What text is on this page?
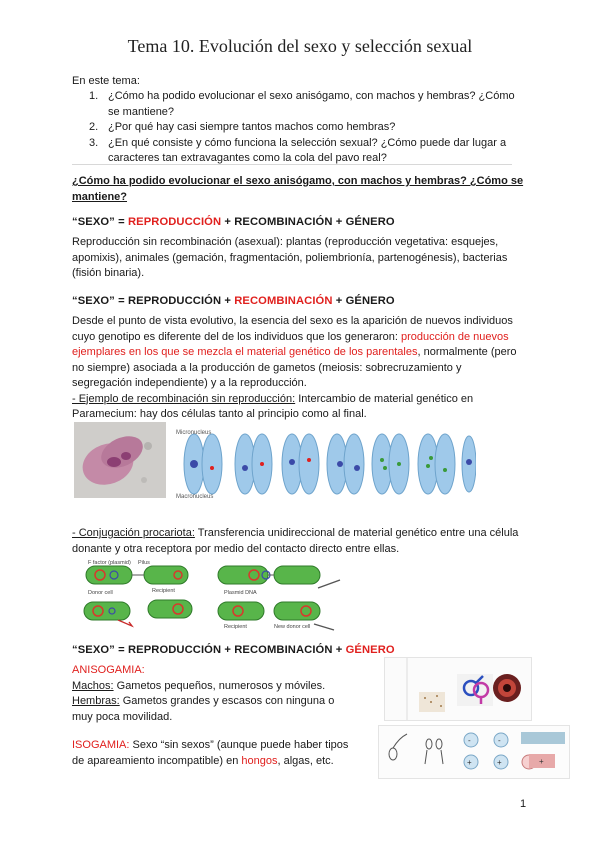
Tema 10. Evolución del sexo y selección sexual
En este tema:
1. ¿Cómo ha podido evolucionar el sexo anisógamo, con machos y hembras? ¿Cómo
se mantiene?
2. ¿Por qué hay casi siempre tantos machos como hembras?
3. ¿En qué consiste y cómo funciona la selección sexual? ¿Cómo puede dar lugar a
caracteres tan extravagantes como la cola del pavo real?
¿Cómo ha podido evolucionar el sexo anisógamo, con machos y hembras? ¿Cómo se
mantiene?
“SEXO” = REPRODUCCIÓN + RECOMBINACIÓN + GÉNERO
Reproducción sin recombinación (asexual): plantas (reproducción vegetativa: esquejes,
apomixis), animales (gemación, fragmentación, poliembrionía, partenogénesis), bacterias
(fisión binaria).
“SEXO” = REPRODUCCIÓN + RECOMBINACIÓN + GÉNERO
Desde el punto de vista evolutivo, la esencia del sexo es la aparición de nuevos individuos
cuyo genotipo es diferente del de los individuos que los generaron: producción de nuevos
ejemplares en los que se mezcla el material genético de los parentales, normalmente (pero
no siempre) asociada a la producción de gametos (meiosis: sobrecruzamiento y
segregación independiente) y a la reproducción.
- Ejemplo de recombinación sin reproducción: Intercambio de material genético en
Paramecium: hay dos células tanto al principio como al final.
Micronucleus
Macronucleus
- Conjugación procariota: Transferencia unidireccional de material genético entre una célula
donante y otra receptora por medio del contacto directo entre ellas.
F factor (plasmid) Pilus
Donor cell	Recipient	Plasmid DNA
Recipient	New donor cell
“SEXO” = REPRODUCCIÓN + RECOMBINACIÓN + GÉNERO
ANISOGAMIA:
Machos: Gametos pequeños, numerosos y móviles.
Hembras: Gametos grandes y escasos con ninguna o
muy poca movilidad.
ISOGAMIA: Sexo “sin sexos” (aunque puede haber tipos
de apareamiento incompatible) en hongos, algas, etc.
-
+
-
+	+
1
